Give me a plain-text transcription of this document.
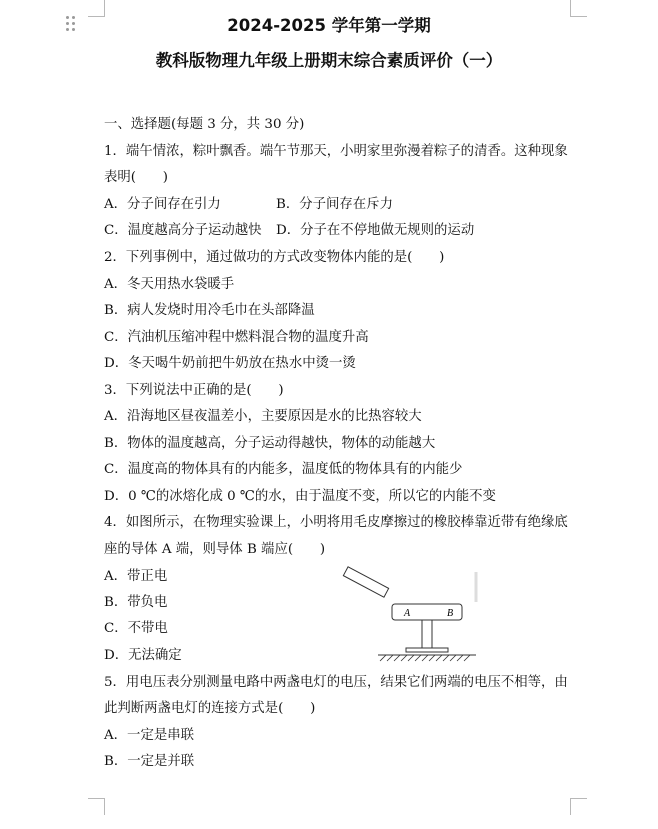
2024-2025 学年第一学期
教科版物理九年级上册期末综合素质评价（一）
一、选择题(每题 3 分，共 30 分)
1．端午情浓，粽叶飘香。端午节那天，小明家里弥漫着粽子的清香。这种现象
表明(　　)
A．分子间存在引力	B．分子间存在斥力
C．温度越高分子运动越快 D．分子在不停地做无规则的运动
2．下列事例中，通过做功的方式改变物体内能的是(　　)
A．冬天用热水袋暖手
B．病人发烧时用冷毛巾在头部降温
C．汽油机压缩冲程中燃料混合物的温度升高
D．冬天喝牛奶前把牛奶放在热水中烫一烫
3．下列说法中正确的是(　　)
A．沿海地区昼夜温差小，主要原因是水的比热容较大
B．物体的温度越高，分子运动得越快，物体的动能越大
C．温度高的物体具有的内能多，温度低的物体具有的内能少
D．0 ℃的冰熔化成 0 ℃的水，由于温度不变，所以它的内能不变
4．如图所示，在物理实验课上，小明将用毛皮摩擦过的橡胶棒靠近带有绝缘底
座的导体 A 端，则导体 B 端应(　　)
A．带正电
B．带负电
C．不带电
D．无法确定
A	B
5．用电压表分别测量电路中两盏电灯的电压，结果它们两端的电压不相等，由
此判断两盏电灯的连接方式是(　　)
A．一定是串联
B．一定是并联
